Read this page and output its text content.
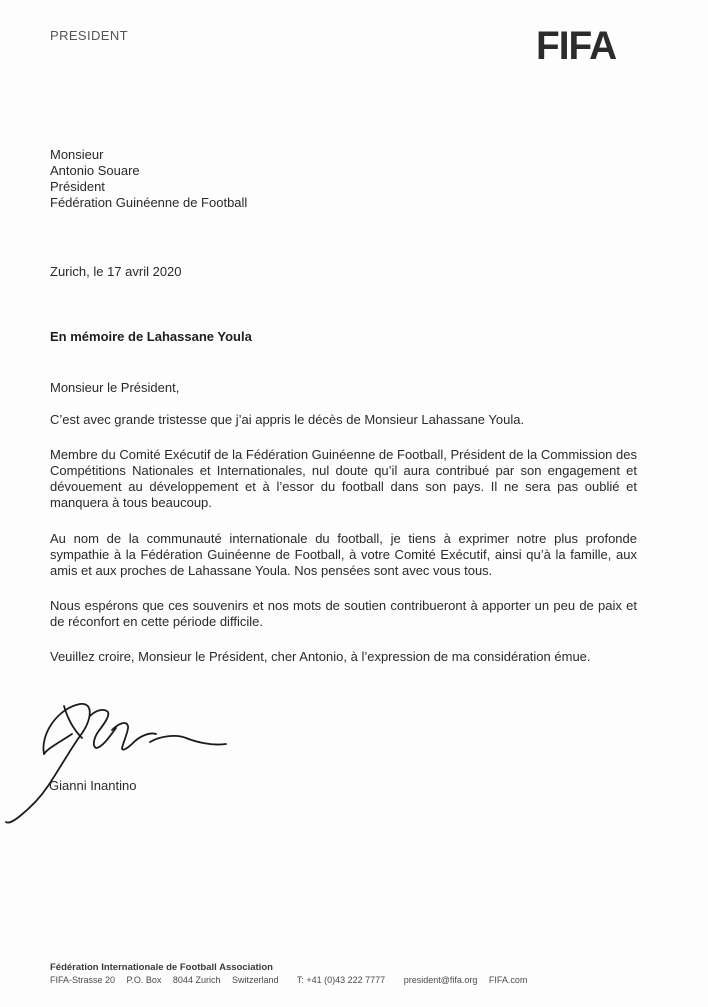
PRESIDENT	FIFA
Monsieur
Antonio Souare
Président
Fédération Guinéenne de Football
Zurich, le 17 avril 2020
En mémoire de Lahassane Youla
Monsieur le Président,
C’est avec grande tristesse que j’ai appris le décès de Monsieur Lahassane Youla.
Membre du Comité Exécutif de la Fédération Guinéenne de Football, Président de la Commission des Compétitions Nationales et Internationales, nul doute qu’il aura contribué par son engagement et dévouement au développement et à l’essor du football dans son pays. Il ne sera pas oublié et manquera à tous beaucoup.
Au nom de la communauté internationale du football, je tiens à exprimer notre plus profonde sympathie à la Fédération Guinéenne de Football, à votre Comité Exécutif, ainsi qu’à la famille, aux amis et aux proches de Lahassane Youla. Nos pensées sont avec vous tous.
Nous espérons que ces souvenirs et nos mots de soutien contribueront à apporter un peu de paix et de réconfort en cette période difficile.
Veuillez croire, Monsieur le Président, cher Antonio, à l’expression de ma considération émue.
Gianni Inantino
Fédération Internationale de Football Association
FIFA-Strasse 20 P.O. Box 8044 Zurich Switzerland T: +41 (0)43 222 7777 president@fifa.org FIFA.com
